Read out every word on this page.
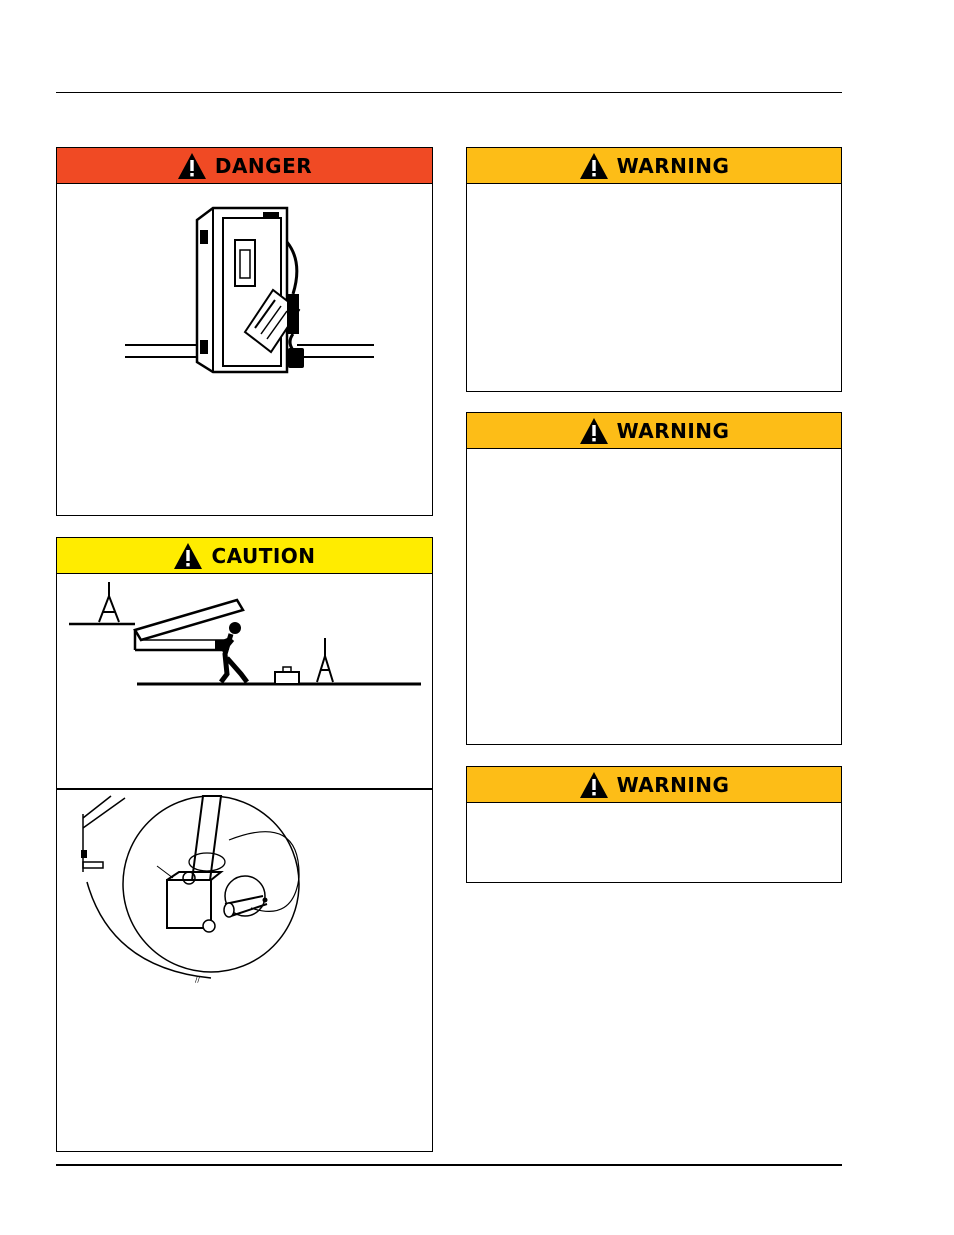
DANGER
CAUTION
//
WARNING
WARNING
WARNING
